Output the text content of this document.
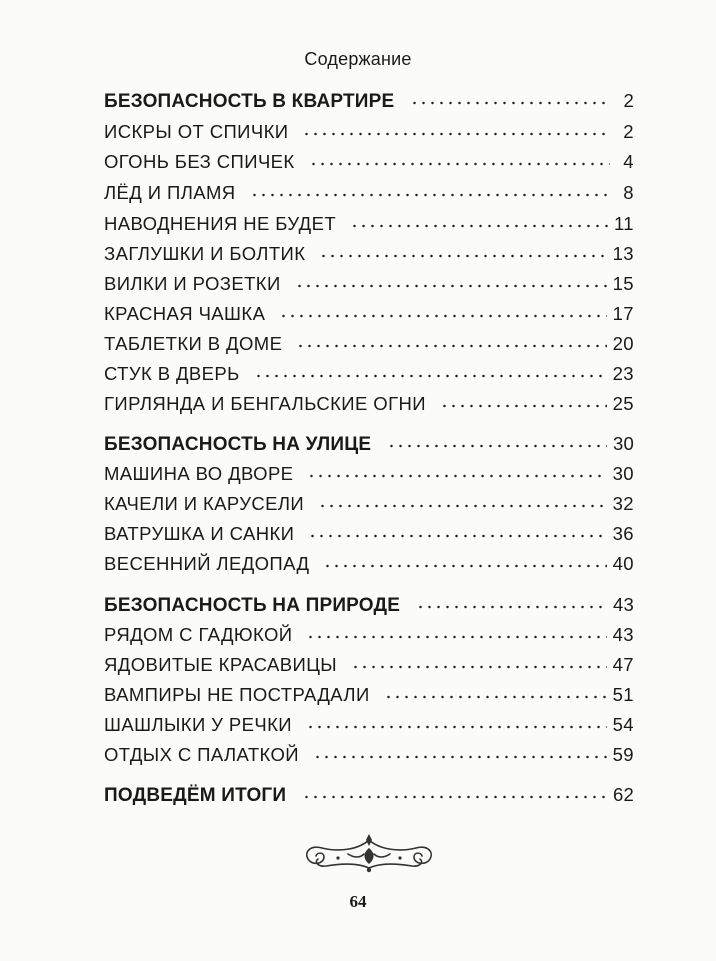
Содержание
БЕЗОПАСНОСТЬ В КВАРТИРЕ	2
ИСКРЫ ОТ СПИЧКИ	2
ОГОНЬ БЕЗ СПИЧЕК	4
ЛЁД И ПЛАМЯ	8
НАВОДНЕНИЯ НЕ БУДЕТ	11
ЗАГЛУШКИ И БОЛТИК	13
ВИЛКИ И РОЗЕТКИ	15
КРАСНАЯ ЧАШКА	17
ТАБЛЕТКИ В ДОМЕ	20
СТУК В ДВЕРЬ	23
ГИРЛЯНДА И БЕНГАЛЬСКИЕ ОГНИ	25
БЕЗОПАСНОСТЬ НА УЛИЦЕ	30
МАШИНА ВО ДВОРЕ	30
КАЧЕЛИ И КАРУСЕЛИ	32
ВАТРУШКА И САНКИ	36
ВЕСЕННИЙ ЛЕДОПАД	40
БЕЗОПАСНОСТЬ НА ПРИРОДЕ	43
РЯДОМ С ГАДЮКОЙ	43
ЯДОВИТЫЕ КРАСАВИЦЫ	47
ВАМПИРЫ НЕ ПОСТРАДАЛИ	51
ШАШЛЫКИ У РЕЧКИ	54
ОТДЫХ С ПАЛАТКОЙ	59
ПОДВЕДЁМ ИТОГИ	62
64
